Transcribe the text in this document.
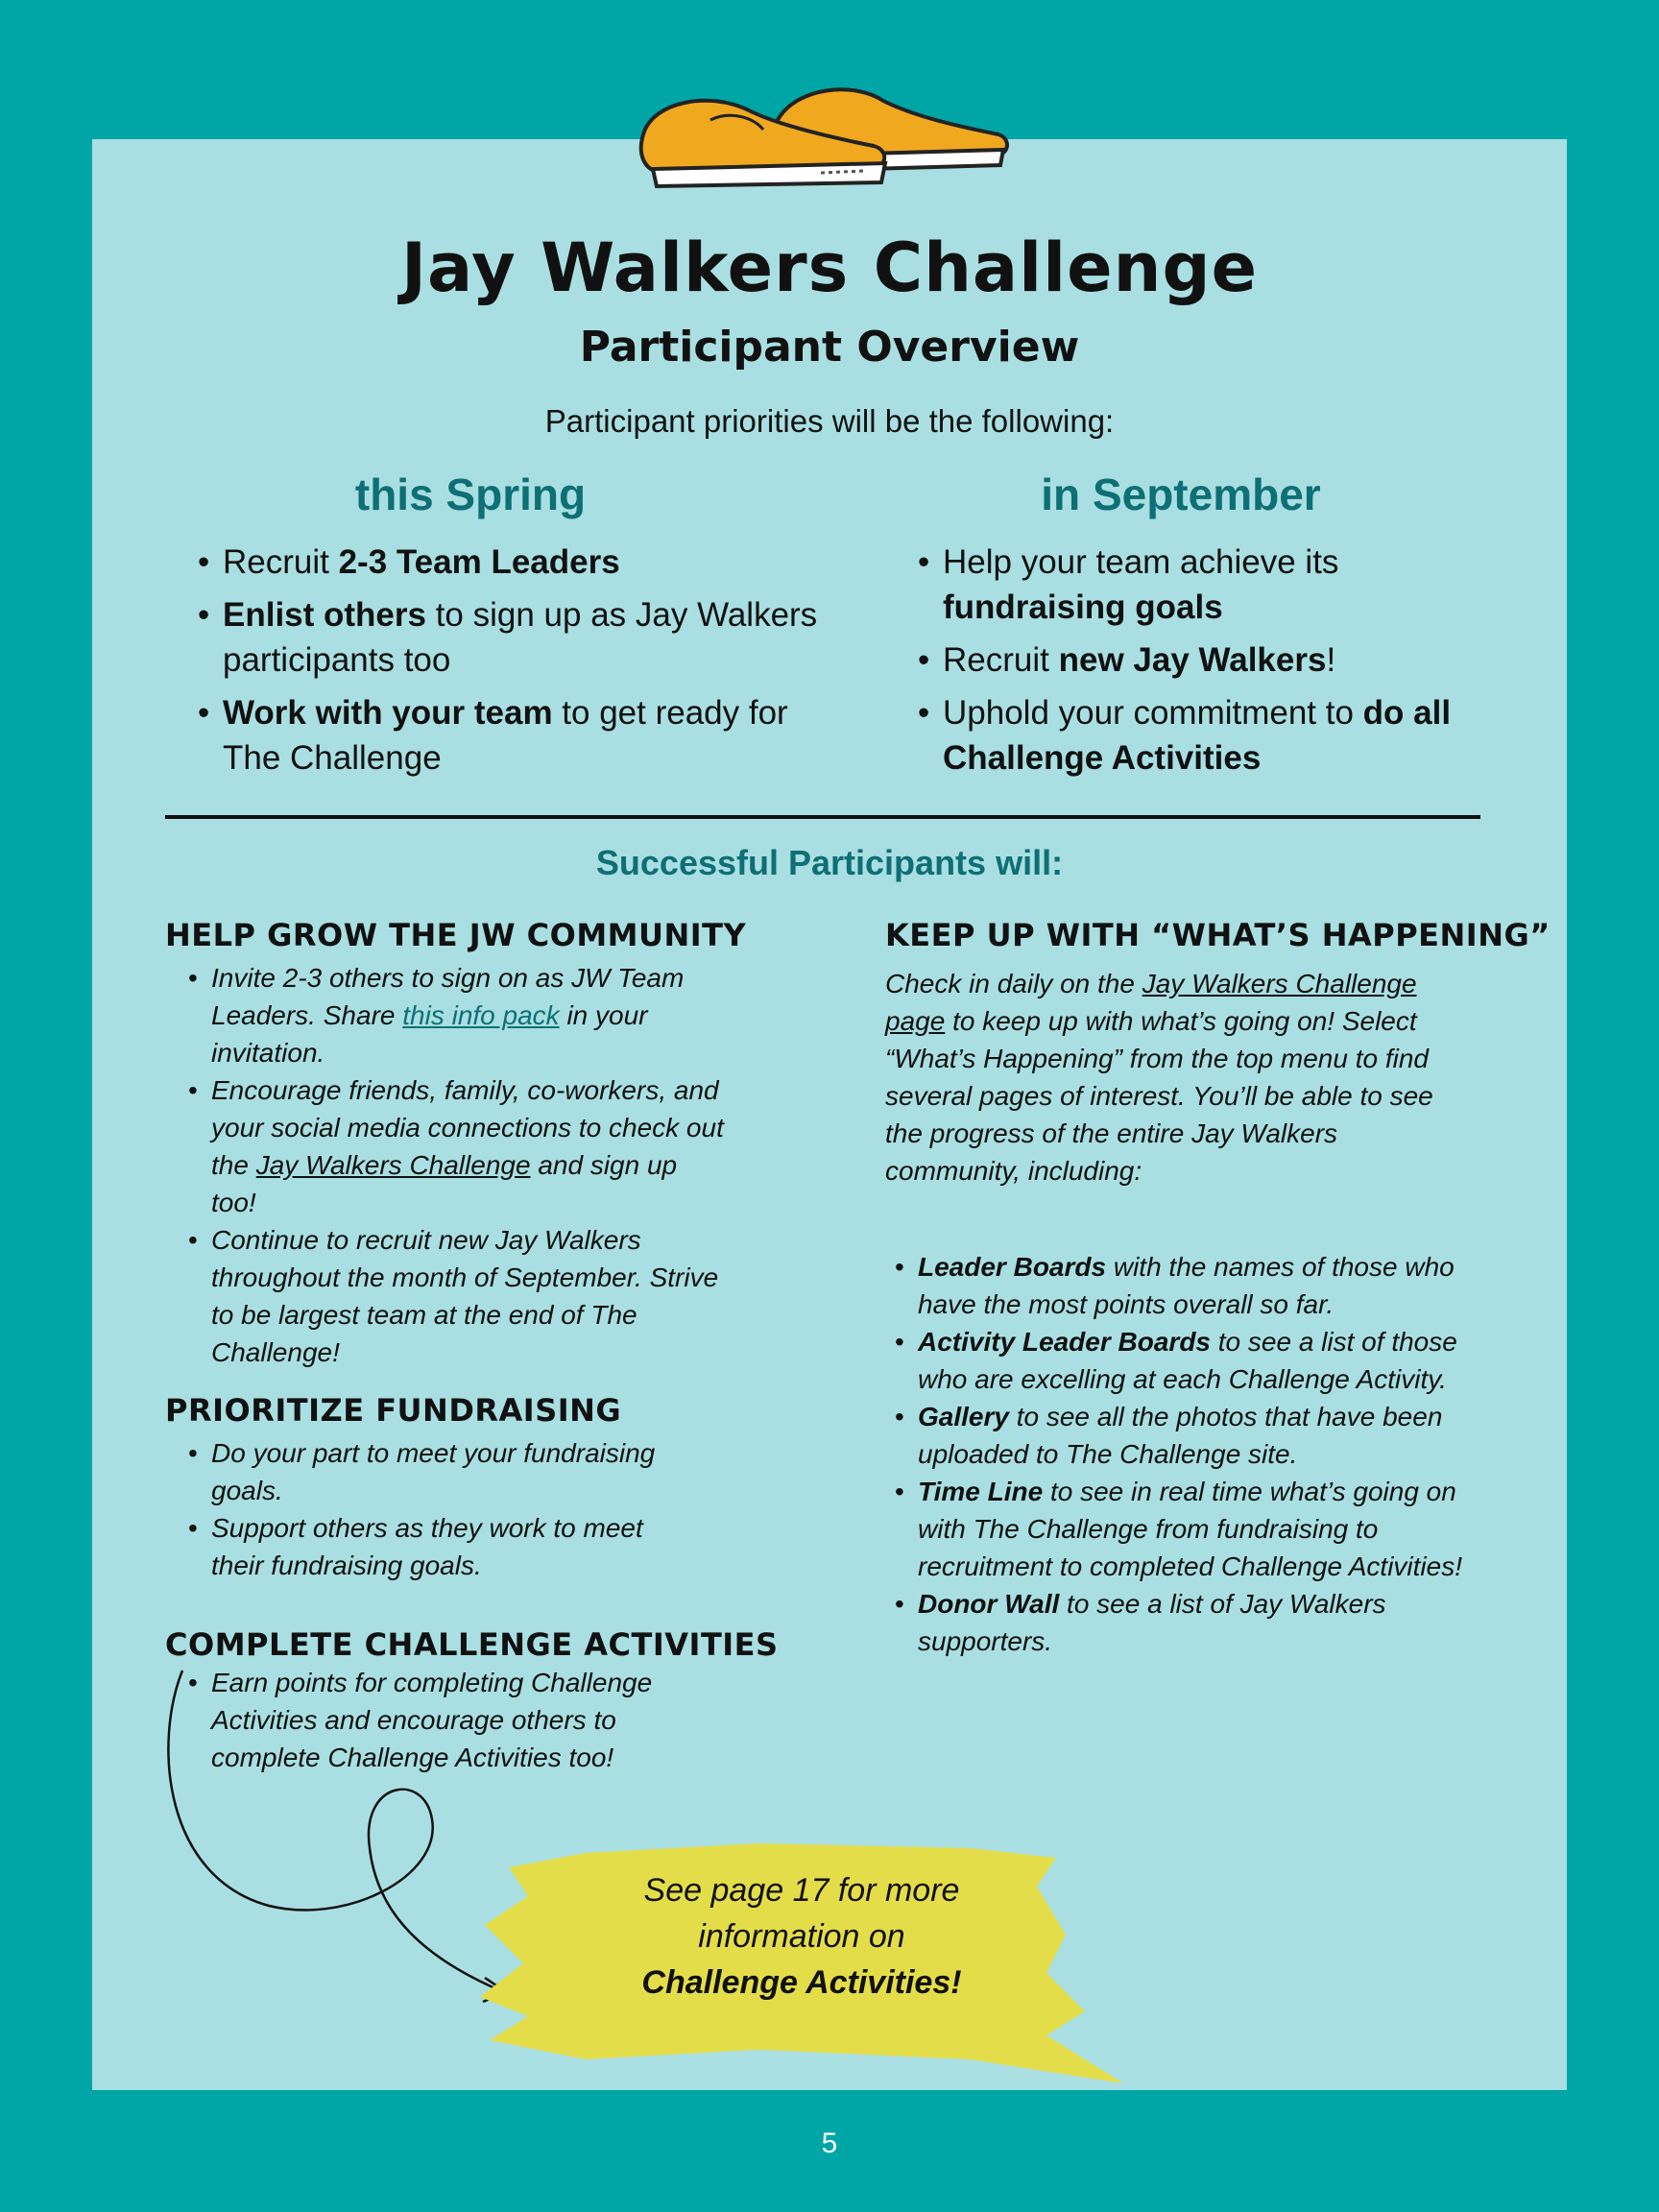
Jay Walkers Challenge
Participant Overview
Participant priorities will be the following:
this Spring	in September
• Recruit 2-3 Team Leaders
• Enlist others to sign up as Jay Walkers participants too
• Work with your team to get ready for The Challenge
• Help your team achieve its fundraising goals
• Recruit new Jay Walkers!
• Uphold your commitment to do all Challenge Activities
Successful Participants will:
HELP GROW THE JW COMMUNITY
• Invite 2-3 others to sign on as JW Team Leaders. Share this info pack in your invitation.
• Encourage friends, family, co-workers, and your social media connections to check out the Jay Walkers Challenge and sign up too!
• Continue to recruit new Jay Walkers throughout the month of September. Strive to be largest team at the end of The Challenge!
PRIORITIZE FUNDRAISING
• Do your part to meet your fundraising goals.
• Support others as they work to meet their fundraising goals.
COMPLETE CHALLENGE ACTIVITIES
• Earn points for completing Challenge Activities and encourage others to complete Challenge Activities too!
KEEP UP WITH “WHAT’S HAPPENING”
Check in daily on the Jay Walkers Challenge page to keep up with what’s going on! Select “What’s Happening” from the top menu to find several pages of interest. You’ll be able to see the progress of the entire Jay Walkers community, including:
• Leader Boards with the names of those who have the most points overall so far.
• Activity Leader Boards to see a list of those who are excelling at each Challenge Activity.
• Gallery to see all the photos that have been uploaded to The Challenge site.
• Time Line to see in real time what’s going on with The Challenge from fundraising to recruitment to completed Challenge Activities!
• Donor Wall to see a list of Jay Walkers supporters.
See page 17 for more information on
Challenge Activities!
5
